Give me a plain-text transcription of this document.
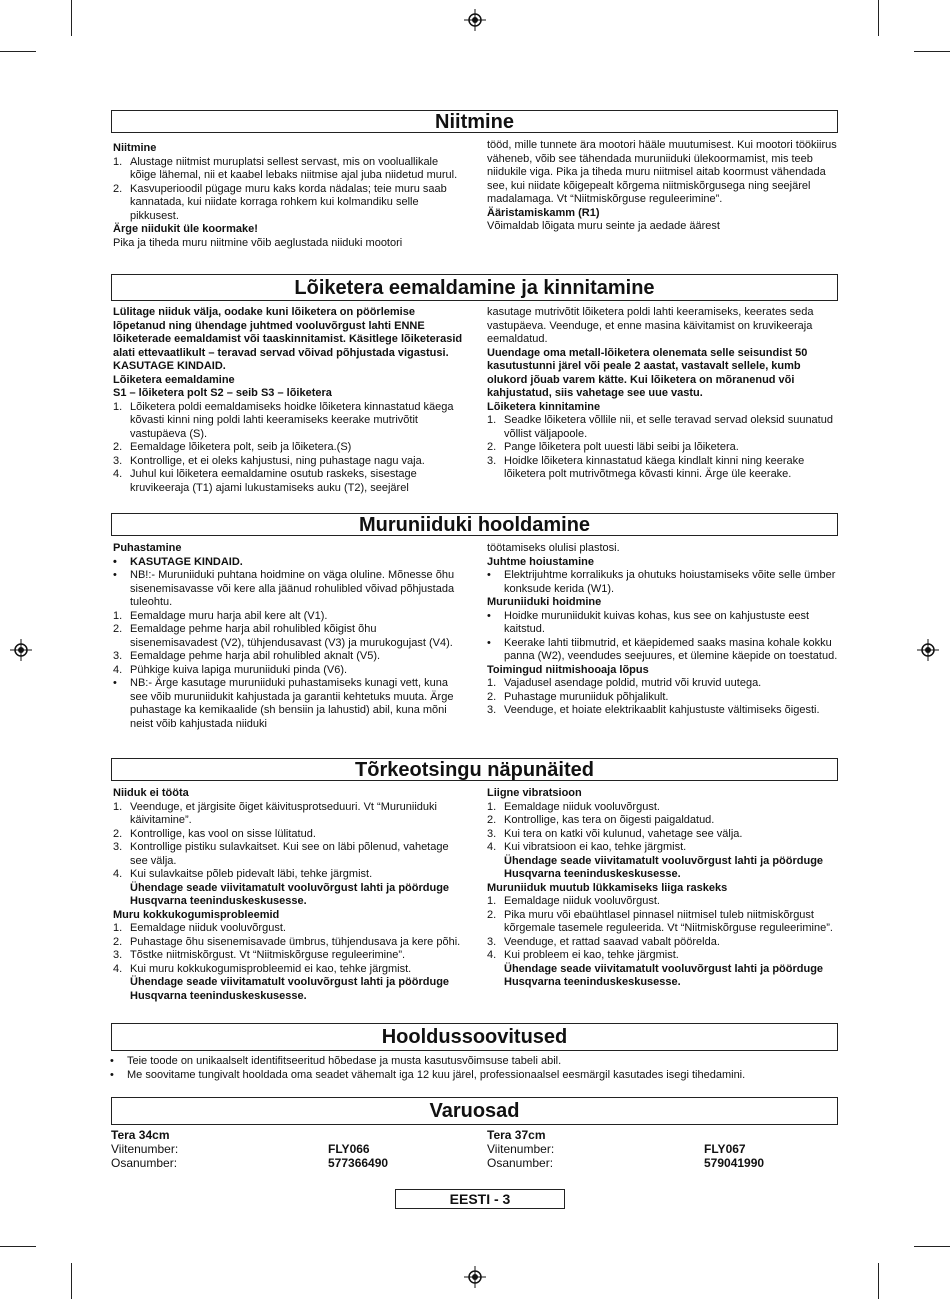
Niitmine

Niitmine

1. Alustage niitmist muruplatsi sellest servast, mis on vooluallikale kõige lähemal, nii et kaabel lebaks niitmise ajal juba niidetud murul.

2. Kasvuperioodil pügage muru kaks korda nädalas; teie muru saab kannatada, kui niidate korraga rohkem kui kolmandiku selle pikkusest.

Ärge niidukit üle koormake!

Pika ja tiheda muru niitmine võib aeglustada niiduki mootori

tööd, mille tunnete ära mootori hääle muutumisest. Kui mootori töökiirus väheneb, võib see tähendada muruniiduki ülekoormamist, mis teeb niidukile viga. Pika ja tiheda muru niitmisel aitab koormust vähendada see, kui niidate kõigepealt kõrgema niitmiskõrgusega ning seejärel madalamaga. Vt “Niitmiskõrguse reguleerimine”.

Ääristamiskamm (R1)

Võimaldab lõigata muru seinte ja aedade äärest

Lõiketera eemaldamine ja kinnitamine

Lülitage niiduk välja, oodake kuni lõiketera on pöörlemise lõpetanud ning ühendage juhtmed vooluvõrgust lahti ENNE lõiketerade eemaldamist või taaskinnitamist. Käsitlege lõiketerasid alati ettevaatlikult – teravad servad võivad põhjustada vigastusi.

KASUTAGE KINDAID.

Lõiketera eemaldamine

S1 – lõiketera polt S2 – seib S3 – lõiketera

1. Lõiketera poldi eemaldamiseks hoidke lõiketera kinnastatud käega kõvasti kinni ning poldi lahti keeramiseks keerake mutrivõtit vastupäeva (S).

2. Eemaldage lõiketera polt, seib ja lõiketera.(S)

3. Kontrollige, et ei oleks kahjustusi, ning puhastage nagu vaja.

4. Juhul kui lõiketera eemaldamine osutub raskeks, sisestage kruvikeeraja (T1) ajami lukustamiseks auku (T2), seejärel

kasutage mutrivõtit lõiketera poldi lahti keeramiseks, keerates seda vastupäeva. Veenduge, et enne masina käivitamist on kruvikeeraja eemaldatud.

Uuendage oma metall-lõiketera olenemata selle seisundist 50 kasutustunni järel või peale 2 aastat, vastavalt sellele, kumb olukord jõuab varem kätte. Kui lõiketera on mõranenud või kahjustatud, siis vahetage see uue vastu.

Lõiketera kinnitamine

1. Seadke lõiketera võllile nii, et selle teravad servad oleksid suunatud võllist väljapoole.

2. Pange lõiketera polt uuesti läbi seibi ja lõiketera.

3. Hoidke lõiketera kinnastatud käega kindlalt kinni ning keerake lõiketera polt mutrivõtmega kõvasti kinni. Ärge üle keerake.

Muruniiduki hooldamine

Puhastamine

• KASUTAGE KINDAID.

• NB!:- Muruniiduki puhtana hoidmine on väga oluline. Mõnesse õhu sisenemisavasse või kere alla jäänud rohulibled võivad põhjustada tuleohtu.

1. Eemaldage muru harja abil kere alt (V1).

2. Eemaldage pehme harja abil rohulibled kõigist õhu sisenemisavadest (V2), tühjendusavast (V3) ja murukogujast (V4).

3. Eemaldage pehme harja abil rohulibled aknalt (V5).

4. Pühkige kuiva lapiga muruniiduki pinda (V6).

• NB:- Ärge kasutage muruniiduki puhastamiseks kunagi vett, kuna see võib muruniidukit kahjustada ja garantii kehtetuks muuta. Ärge puhastage ka kemikaalide (sh bensiin ja lahustid) abil, kuna mõni neist võib kahjustada niiduki

töötamiseks olulisi plastosi.

Juhtme hoiustamine

• Elektrijuhtme korralikuks ja ohutuks hoiustamiseks võite selle ümber konksude kerida (W1).

Muruniiduki hoidmine

• Hoidke muruniidukit kuivas kohas, kus see on kahjustuste eest kaitstud.

• Keerake lahti tiibmutrid, et käepidemed saaks masina kohale kokku panna (W2), veendudes seejuures, et ülemine käepide on toestatud.

Toimingud niitmishooaja lõpus

1. Vajadusel asendage poldid, mutrid või kruvid uutega.

2. Puhastage muruniiduk põhjalikult.

3. Veenduge, et hoiate elektrikaablit kahjustuste vältimiseks õigesti.

Tõrkeotsingu näpunäited

Niiduk ei tööta

1. Veenduge, et järgisite õiget käivitusprotseduuri. Vt “Muruniiduki käivitamine”.

2. Kontrollige, kas vool on sisse lülitatud.

3. Kontrollige pistiku sulavkaitset. Kui see on läbi põlenud, vahetage see välja.

4. Kui sulavkaitse põleb pidevalt läbi, tehke järgmist.

Ühendage seade viivitamatult vooluvõrgust lahti ja pöörduge Husqvarna teeninduskeskusesse.

Muru kokkukogumisprobleemid

1. Eemaldage niiduk vooluvõrgust.

2. Puhastage õhu sisenemisavade ümbrus, tühjendusava ja kere põhi.

3. Tõstke niitmiskõrgust. Vt “Niitmiskõrguse reguleerimine”.

4. Kui muru kokkukogumisprobleemid ei kao, tehke järgmist.

Ühendage seade viivitamatult vooluvõrgust lahti ja pöörduge Husqvarna teeninduskeskusesse.

Liigne vibratsioon

1. Eemaldage niiduk vooluvõrgust.

2. Kontrollige, kas tera on õigesti paigaldatud.

3. Kui tera on katki või kulunud, vahetage see välja.

4. Kui vibratsioon ei kao, tehke järgmist.

Ühendage seade viivitamatult vooluvõrgust lahti ja pöörduge Husqvarna teeninduskeskusesse.

Muruniiduk muutub lükkamiseks liiga raskeks

1. Eemaldage niiduk vooluvõrgust.

2. Pika muru või ebaühtlasel pinnasel niitmisel tuleb niitmiskõrgust kõrgemale tasemele reguleerida. Vt “Niitmiskõrguse reguleerimine”.

3. Veenduge, et rattad saavad vabalt pöörelda.

4. Kui probleem ei kao, tehke järgmist.

Ühendage seade viivitamatult vooluvõrgust lahti ja pöörduge Husqvarna teeninduskeskusesse.

Hooldussoovitused

• Teie toode on unikaalselt identifitseeritud hõbedase ja musta kasutusvõimsuse tabeli abil.

• Me soovitame tungivalt hooldada oma seadet vähemalt iga 12 kuu järel, professionaalsel eesmärgil kasutades isegi tihedamini.

Varuosad
Tera 34cm
Viitenumber:	FLY066
Osanumber:	577366490
Tera 37cm
Viitenumber:	FLY067
Osanumber:	579041990
EESTI - 3
